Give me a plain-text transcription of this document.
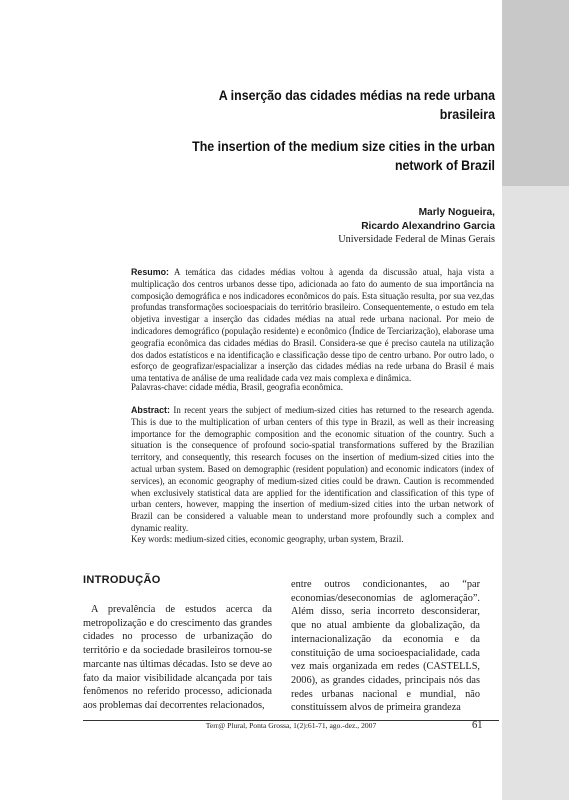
A inserção das cidades médias na rede urbana brasileira
The insertion of the medium size cities in the urban network of Brazil
Marly Nogueira,
Ricardo Alexandrino Garcia
Universidade Federal de Minas Gerais

Resumo: A temática das cidades médias voltou à agenda da discussão atual, haja vista a multiplicação dos centros urbanos desse tipo, adicionada ao fato do aumento de sua importância na composição demográfica e nos indicadores econômicos do país. Esta situação resulta, por sua vez,das profundas transformações socioespaciais do território brasileiro. Consequentemente, o estudo em tela objetiva investigar a inserção das cidades médias na atual rede urbana nacional. Por meio de indicadores demográfico (população residente) e econômico (Índice de Terciarização), elaborase uma geografia econômica das cidades médias do Brasil. Considera-se que é preciso cautela na utilização dos dados estatísticos e na identificação e classificação desse tipo de centro urbano. Por outro lado, o esforço de geografizar/espacializar a inserção das cidades médias na rede urbana do Brasil é mais uma tentativa de análise de uma realidade cada vez mais complexa e dinâmica.

Palavras-chave: cidade média, Brasil, geografia econômica.

Abstract: In recent years the subject of medium-sized cities has returned to the research agenda. This is due to the multiplication of urban centers of this type in Brazil, as well as their increasing importance for the demographic composition and the economic situation of the country. Such a situation is the consequence of profound socio-spatial transformations suffered by the Brazilian territory, and consequently, this research focuses on the insertion of medium-sized cities into the actual urban system. Based on demographic (resident population) and economic indicators (index of services), an economic geography of medium-sized cities could be drawn. Caution is recommended when exclusively statistical data are applied for the identification and classification of this type of urban centers, however, mapping the insertion of medium-sized cities into the urban network of Brazil can be considered a valuable mean to understand more profoundly such a complex and dynamic reality.

Key words: medium-sized cities, economic geography, urban system, Brazil.

INTRODUÇÃO

A prevalência de estudos acerca da metropolização e do crescimento das grandes cidades no processo de urbanização do território e da sociedade brasileiros tornou-se marcante nas últimas décadas. Isto se deve ao fato da maior visibilidade alcançada por tais fenômenos no referido processo, adicionada aos problemas daí decorrentes relacionados,

entre outros condicionantes, ao “par economias/deseconomias de aglomeração”. Além disso, seria incorreto desconsiderar, que no atual ambiente da globalização, da internacionalização da economia e da constituição de uma socioespacialidade, cada vez mais organizada em redes (CASTELLS, 2006), as grandes cidades, principais nós das redes urbanas nacional e mundial, não constituíssem alvos de primeira grandeza

Terr@ Plural, Ponta Grossa, 1(2):61-71, ago.-dez., 2007	61
